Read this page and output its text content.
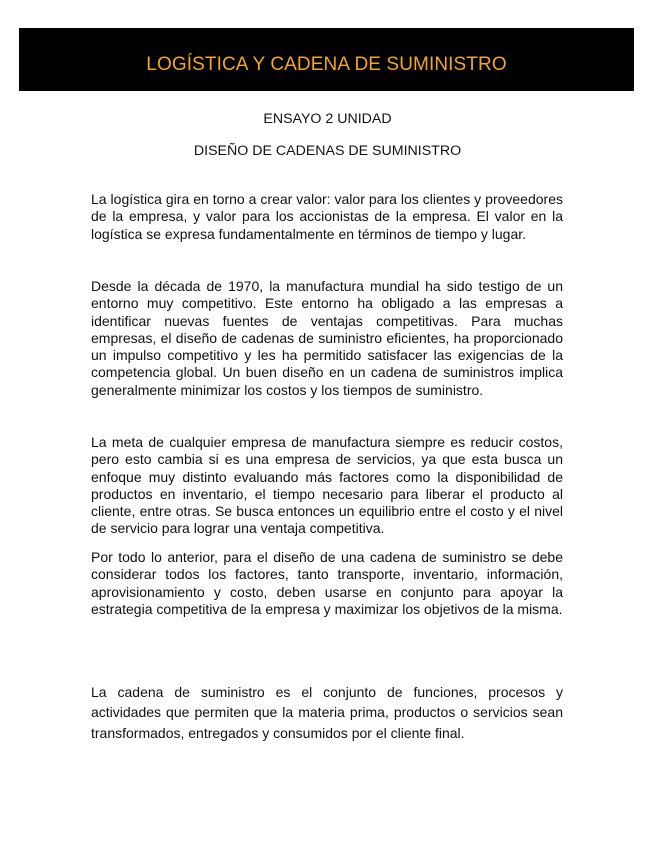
LOGÍSTICA Y CADENA DE SUMINISTRO
ENSAYO 2 UNIDAD
DISEÑO DE CADENAS DE SUMINISTRO

La logística gira en torno a crear valor: valor para los clientes y proveedores de la empresa, y valor para los accionistas de la empresa. El valor en la logística se expresa fundamentalmente en términos de tiempo y lugar.

Desde la década de 1970, la manufactura mundial ha sido testigo de un entorno muy competitivo. Este entorno ha obligado a las empresas a identificar nuevas fuentes de ventajas competitivas. Para muchas empresas, el diseño de cadenas de suministro eficientes, ha proporcionado un impulso competitivo y les ha permitido satisfacer las exigencias de la competencia global. Un buen diseño en un cadena de suministros implica generalmente minimizar los costos y los tiempos de suministro.

La meta de cualquier empresa de manufactura siempre es reducir costos, pero esto cambia si es una empresa de servicios, ya que esta busca un enfoque muy distinto evaluando más factores como la disponibilidad de productos en inventario, el tiempo necesario para liberar el producto al cliente, entre otras. Se busca entonces un equilibrio entre el costo y el nivel de servicio para lograr una ventaja competitiva.

Por todo lo anterior, para el diseño de una cadena de suministro se debe considerar todos los factores, tanto transporte, inventario, información, aprovisionamiento y costo, deben usarse en conjunto para apoyar la estrategia competitiva de la empresa y maximizar los objetivos de la misma.

La cadena de suministro es el conjunto de funciones, procesos y actividades que permiten que la materia prima, productos o servicios sean transformados, entregados y consumidos por el cliente final.
